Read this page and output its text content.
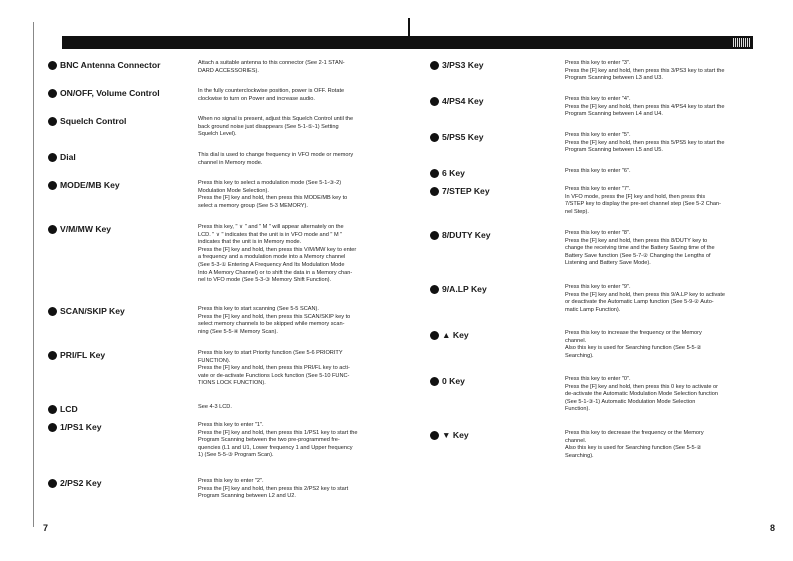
BNC Antenna Connector	Attach a suitable antenna to this connector (See 2-1 STAN-
DARD ACCESSORIES).
ON/OFF, Volume Control	In the fully counterclockwise position, power is OFF. Rotate
clockwise to turn on Power and increase audio.
Squelch Control	When no signal is present, adjust this Squelch Control until the
back ground noise just disappears (See 5-1-⑤-1) Setting
Squelch Level).
Dial	This dial is used to change frequency in VFO mode or memory
channel in Memory mode.
MODE/MB Key	Press this key to select a modulation mode (See 5-1-③-2)
Modulation Mode Selection).
Press the [F] key and hold, then press this MODE/MB key to
select a memory group (See 5-3 MEMORY).
V/M/MW Key	Press this key, " ∨ " and " M " will appear alternately on the
LCD. " ∨ " indicates that the unit is in VFO mode and " M "
indicates that the unit is in Memory mode.
Press the [F] key and hold, then press this V/M/MW key to enter
a frequency and a modulation mode into a Memory channel
(See 5-3-① Entering A Frequency And Its Modulation Mode
Into A Memory Channel) or to shift the data in a Memory chan-
nel to VFO mode (See 5-3-③ Memory Shift Function).
SCAN/SKIP Key	Press this key to start scanning (See 5-5 SCAN).
Press the [F] key and hold, then press this SCAN/SKIP key to
select memory channels to be skipped while memory scan-
ning (See 5-5-④ Memory Scan).
PRI/FL Key	Press this key to start Priority function (See 5-6 PRIORITY
FUNCTION).
Press the [F] key and hold, then press this PRI/FL key to acti-
vate or de-activate Functions Lock function (See 5-10 FUNC-
TIONS LOCK FUNCTION).
LCD	See 4-3 LCD.
1/PS1 Key	Press this key to enter "1".
Press the [F] key and hold, then press this 1/PS1 key to start the
Program Scanning between the two pre-programmed fre-
quencies (L1 and U1, Lower frequency 1 and Upper frequency
1) (See 5-5-③ Program Scan).
2/PS2 Key	Press this key to enter "2".
Press the [F] key and hold, then press this 2/PS2 key to start
Program Scanning between L2 and U2.
3/PS3 Key	Press this key to enter "3".
Press the [F] key and hold, then press this 3/PS3 key to start the
Program Scanning between L3 and U3.
4/PS4 Key	Press this key to enter "4".
Press the [F] key and hold, then press this 4/PS4 key to start the
Program Scanning between L4 and U4.
5/PS5 Key	Press this key to enter "5".
Press the [F] key and hold, then press this 5/PS5 key to start the
Program Scanning between L5 and U5.
6 Key	Press this key to enter "6".
7/STEP Key	Press this key to enter "7".
In VFO mode, press the [F] key and hold, then press this
7/STEP key to display the pre-set channel step (See 5-2 Chan-
nel Step).
8/DUTY Key	Press this key to enter "8".
Press the [F] key and hold, then press this 8/DUTY key to
change the receiving time and the Battery Saving time of the
Battery Save function (See 5-7-② Changing the Lengths of
Listening and Battery Save Mode).
9/A.LP Key	Press this key to enter "9".
Press the [F] key and hold, then press this 9/A.LP key to activate
or deactivate the Automatic Lamp function (See 5-9-② Auto-
matic Lamp Function).
▲ Key	Press this key to increase the frequency or the Memory
channel.
Also this key is used for Searching function (See 5-5-②
Searching).
0 Key	Press this key to enter "0".
Press the [F] key and hold, then press this 0 key to activate or
de-activate the Automatic Modulation Mode Selection function
(See 5-1-③-1) Automatic Modulation Mode Selection
Function).
▼ Key	Press this key to decrease the frequency or the Memory
channel.
Also this key is used for Searching function (See 5-5-②
Searching).
7	8
